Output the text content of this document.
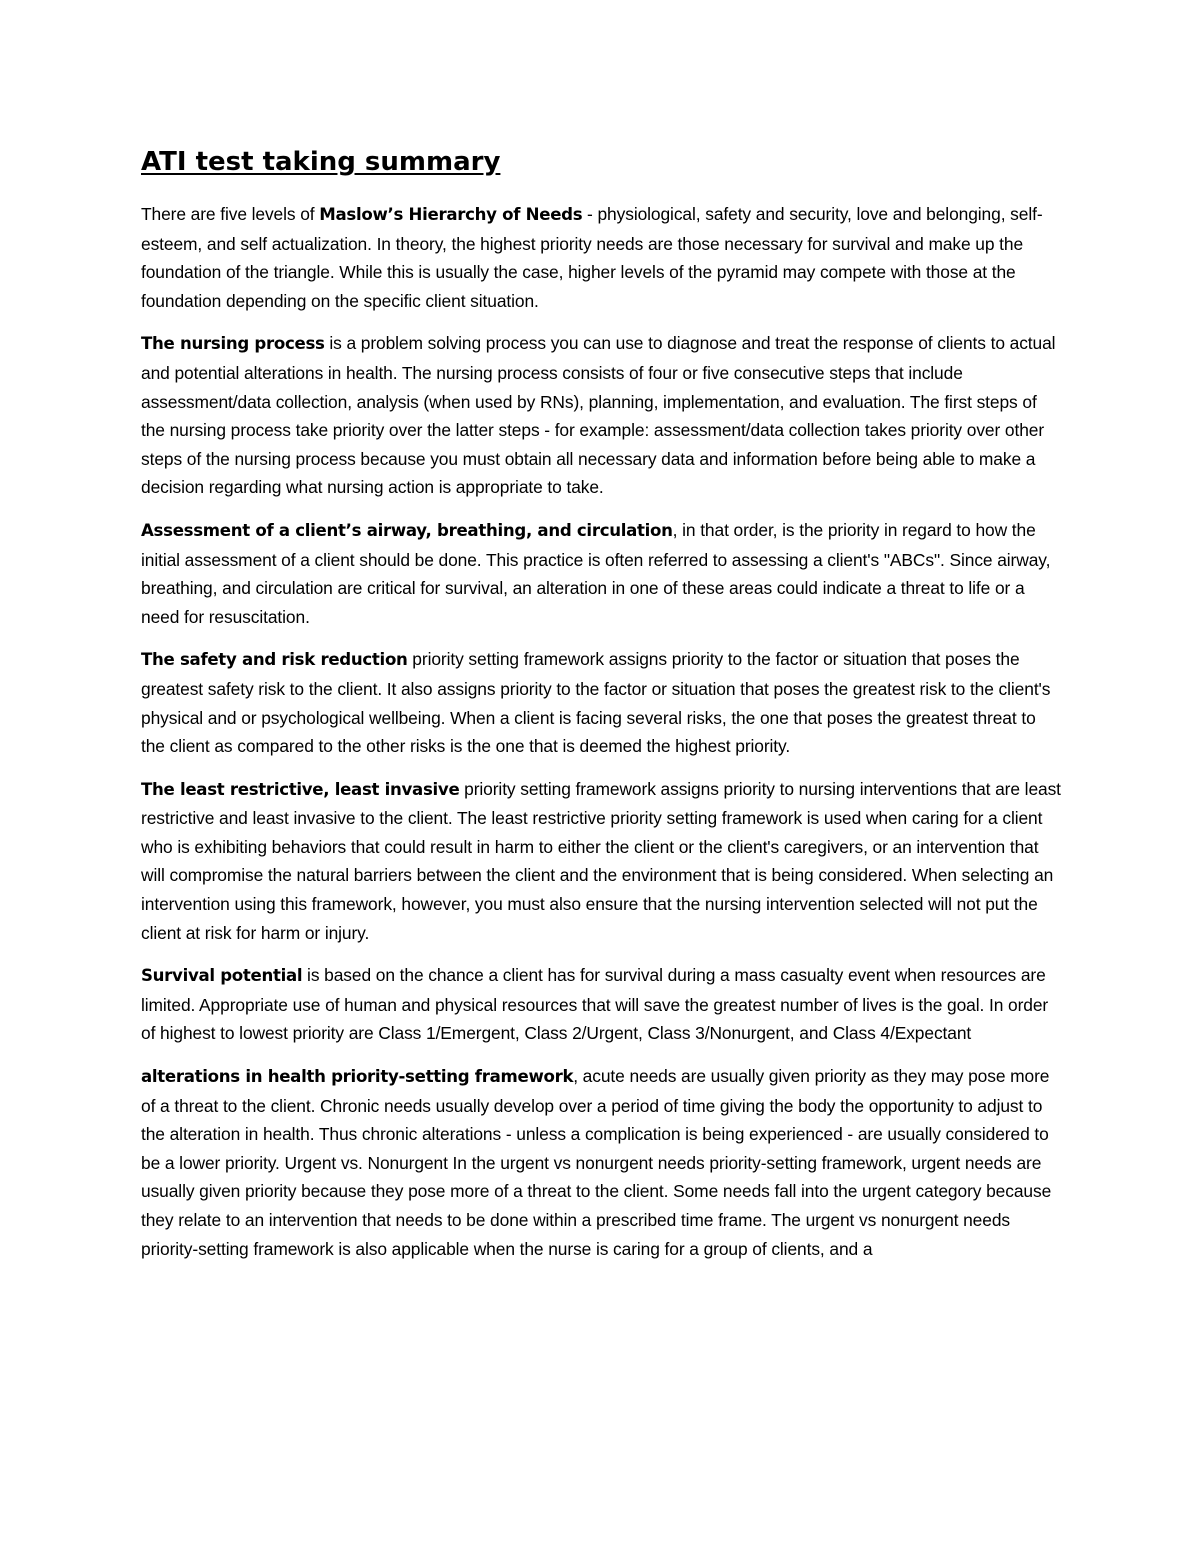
ATI test taking summary

There are five levels of Maslow’s Hierarchy of Needs - physiological, safety and security, love and belonging, self-esteem, and self actualization. In theory, the highest priority needs are those necessary for survival and make up the foundation of the triangle. While this is usually the case, higher levels of the pyramid may compete with those at the foundation depending on the specific client situation.

The nursing process is a problem solving process you can use to diagnose and treat the response of clients to actual and potential alterations in health. The nursing process consists of four or five consecutive steps that include assessment/data collection, analysis (when used by RNs), planning, implementation, and evaluation. The first steps of the nursing process take priority over the latter steps - for example: assessment/data collection takes priority over other steps of the nursing process because you must obtain all necessary data and information before being able to make a decision regarding what nursing action is appropriate to take.

Assessment of a client’s airway, breathing, and circulation, in that order, is the priority in regard to how the initial assessment of a client should be done. This practice is often referred to assessing a client's "ABCs". Since airway, breathing, and circulation are critical for survival, an alteration in one of these areas could indicate a threat to life or a need for resuscitation.

The safety and risk reduction priority setting framework assigns priority to the factor or situation that poses the greatest safety risk to the client. It also assigns priority to the factor or situation that poses the greatest risk to the client's physical and or psychological wellbeing. When a client is facing several risks, the one that poses the greatest threat to the client as compared to the other risks is the one that is deemed the highest priority.

The least restrictive, least invasive priority setting framework assigns priority to nursing interventions that are least restrictive and least invasive to the client. The least restrictive priority setting framework is used when caring for a client who is exhibiting behaviors that could result in harm to either the client or the client's caregivers, or an intervention that will compromise the natural barriers between the client and the environment that is being considered. When selecting an intervention using this framework, however, you must also ensure that the nursing intervention selected will not put the client at risk for harm or injury.

Survival potential is based on the chance a client has for survival during a mass casualty event when resources are limited. Appropriate use of human and physical resources that will save the greatest number of lives is the goal. In order of highest to lowest priority are Class 1/Emergent, Class 2/Urgent, Class 3/Nonurgent, and Class 4/Expectant

alterations in health priority-setting framework, acute needs are usually given priority as they may pose more of a threat to the client. Chronic needs usually develop over a period of time giving the body the opportunity to adjust to the alteration in health. Thus chronic alterations - unless a complication is being experienced - are usually considered to be a lower priority. Urgent vs. Nonurgent In the urgent vs nonurgent needs priority-setting framework, urgent needs are usually given priority because they pose more of a threat to the client. Some needs fall into the urgent category because they relate to an intervention that needs to be done within a prescribed time frame. The urgent vs nonurgent needs priority-setting framework is also applicable when the nurse is caring for a group of clients, and a
